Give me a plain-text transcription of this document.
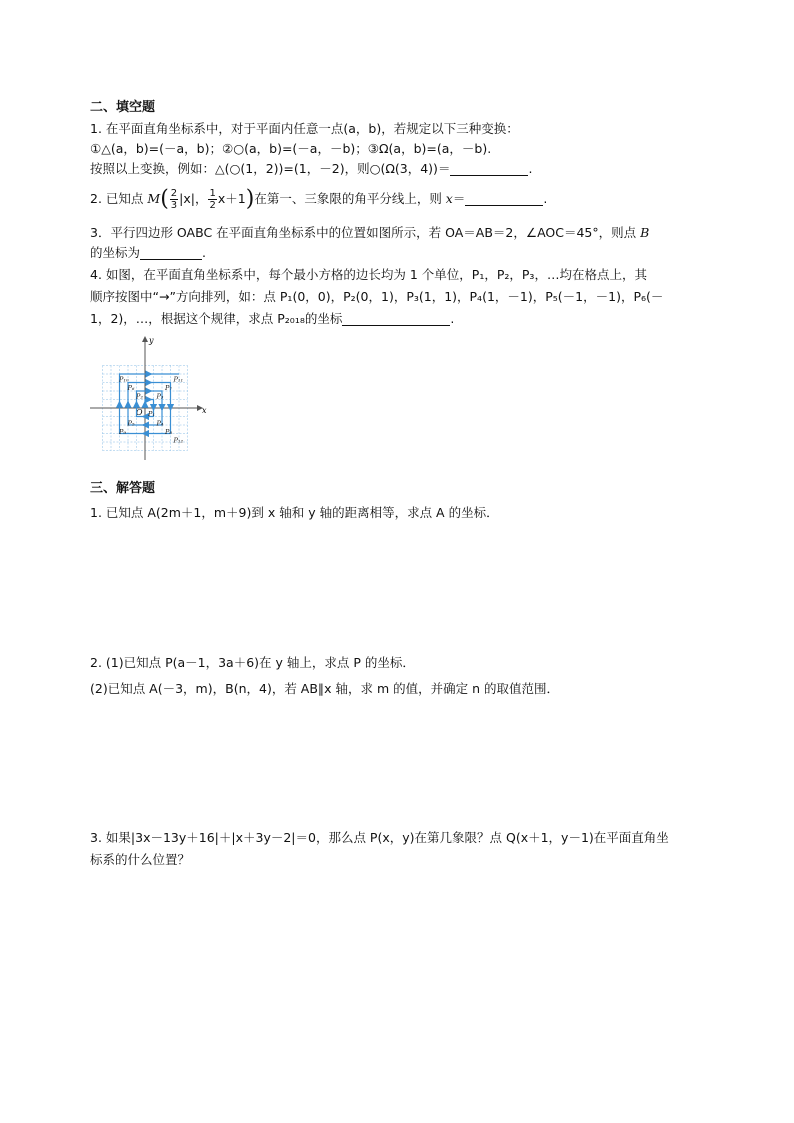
二、填空题
1. 在平面直角坐标系中，对于平面内任意一点(a，b)，若规定以下三种变换：
①△(a，b)=(－a，b)；②○(a，b)=(－a，－b)；③Ω(a，b)=(a，－b).
按照以上变换，例如：△(○(1，2))=(1，－2)，则○(Ω(3，4))＝	.
2. 已知点 $M( \frac{2}{3} |x|$， $\frac{1}{2} x+1$)在第一、三象限的角平分线上，则 x＝	.
3．平行四边形 OABC 在平面直角坐标系中的位置如图所示，若 OA＝AB＝2，∠AOC＝45°，则点 B
的坐标为	.
4. 如图，在平面直角坐标系中，每个最小方格的边长均为 1 个单位，P₁，P₂，P₃，…均在格点上，其
顺序按图中“→”方向排列，如：点 P₁(0，0)，P₂(0，1)，P₃(1，1)，P₄(1，－1)，P₅(－1，－1)，P₆(－
1，2)，…，根据这个规律，求点 P₂₀₁₈的坐标	.
x
y
O P₁
P₂ P₃
P₄
P₅
P₆	P₇
P₈
P₉
P₁₀	P₁₁
P₁₂
三、解答题
1. 已知点 A(2m＋1，m＋9)到 x 轴和 y 轴的距离相等，求点 A 的坐标．
2. (1)已知点 P(a－1，3a＋6)在 y 轴上，求点 P 的坐标．
(2)已知点 A(－3，m)，B(n，4)，若 AB∥x 轴，求 m 的值，并确定 n 的取值范围．
3. 如果|3x－13y＋16|＋|x＋3y－2|＝0，那么点 P(x，y)在第几象限？点 Q(x＋1，y－1)在平面直角坐
标系的什么位置？
